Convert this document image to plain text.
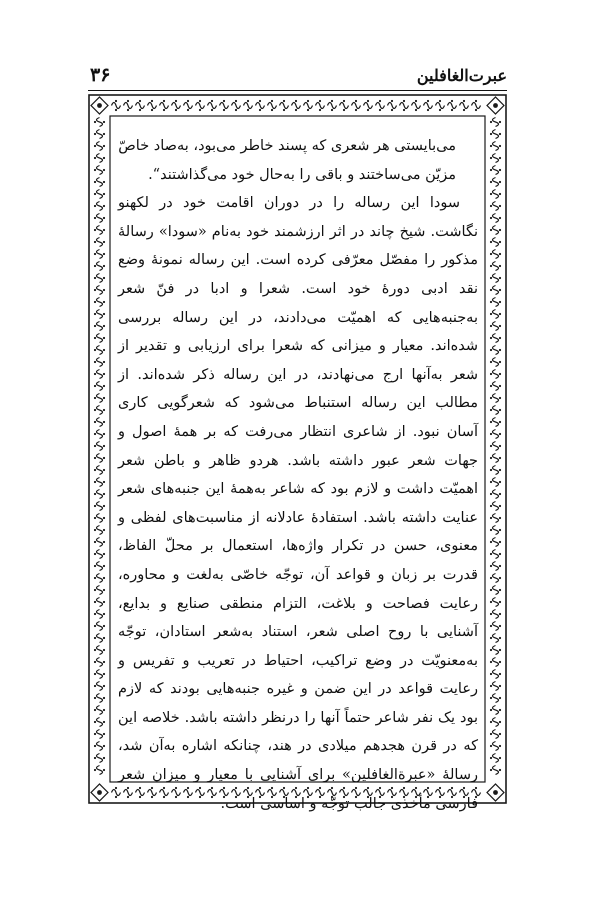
عبرت‌الغافلین
۳۶

می‌بایستی هر شعری که پسند خاطر می‌بود، به‌صاد خاصّ

مزیّن می‌ساختند و باقی را به‌حال خود می‌گذاشتند“.

سودا این رساله را در دوران اقامت خود در لکهنو نگاشت. شیخ چاند در اثر ارزشمند خود به‌نام «سودا» رسالهٔ مذکور را مفصّل معرّفی کرده است. این رساله نمونهٔ وضع نقد ادبی دورهٔ خود است. شعرا و ادبا در فنّ شعر به‌جنبه‌هایی که اهمیّت می‌دادند، در این رساله بررسی شده‌اند. معیار و میزانی که شعرا برای ارزیابی و تقدیر از شعر به‌آنها ارج می‌نهادند، در این رساله ذکر شده‌اند. از مطالب این رساله استنباط می‌شود که شعرگویی کاری آسان نبود. از شاعری انتظار می‌رفت که بر همهٔ اصول و جهات شعر عبور داشته باشد. هردو ظاهر و باطن شعر اهمیّت داشت و لازم بود که شاعر به‌همهٔ این جنبه‌های شعر عنایت داشته باشد. استفادهٔ عادلانه از مناسبت‌های لفظی و معنوی، حسن در تکرار واژه‌ها، استعمال بر محلّ الفاظ، قدرت بر زبان و قواعد آن، توجّه خاصّی به‌لغت و محاوره، رعایت فصاحت و بلاغت، التزام منطقی صنایع و بدایع، آشنایی با روح اصلی شعر، استناد به‌شعر استادان، توجّه به‌معنویّت در وضع تراکیب، احتیاط در تعریب و تفریس و رعایت قواعد در این ضمن و غیره جنبه‌هایی بودند که لازم بود یک نفر شاعر حتماً آنها را درنظر داشته باشد. خلاصه این که در قرن هجدهم میلادی در هند، چنانکه اشاره به‌آن شد، رسالهٔ «عبرة‌الغافلین» برای آشنایی با معیار و میزان شعر فارسی مأخذی جالب توجّه و اساسی است.
